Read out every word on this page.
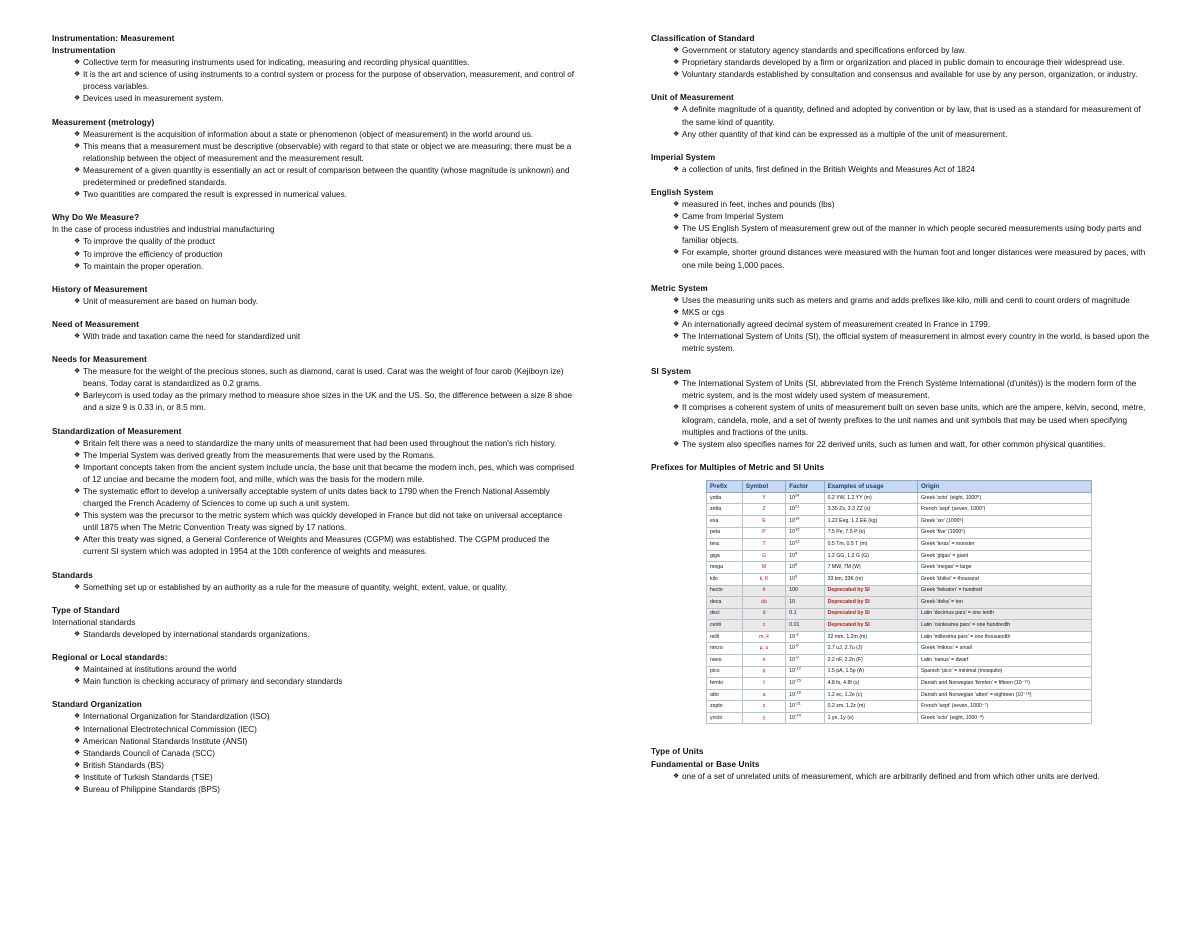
Instrumentation: Measurement
Instrumentation
❖ Collective term for measuring instruments used for indicating, measuring and recording physical quantities.
❖ It is the art and science of using instruments to a control system or process for the purpose of observation, measurement, and control of process variables.
❖ Devices used in measurement system.
Measurement (metrology)
❖ Measurement is the acquisition of information about a state or phenomenon (object of measurement) in the world around us.
❖ This means that a measurement must be descriptive (observable) with regard to that state or object we are measuring; there must be a relationship between the object of measurement and the measurement result.
❖ Measurement of a given quantity is essentially an act or result of comparison between the quantity (whose magnitude is unknown) and predetermined or predefined standards.
❖ Two quantities are compared the result is expressed in numerical values.
Why Do We Measure?
In the case of process industries and industrial manufacturing
❖ To improve the quality of the product
❖ To improve the efficiency of production
❖ To maintain the proper operation.
History of Measurement
❖ Unit of measurement are based on human body.
Need of Measurement
❖ With trade and taxation came the need for standardized unit
Needs for Measurement
❖ The measure for the weight of the precious stones, such as diamond, carat is used. Carat was the weight of four carob (Kejiboyn ize) beans. Today carat is standardized as 0.2 grams.
❖ Barleycorn is used today as the primary method to measure shoe sizes in the UK and the US. So, the difference between a size 8 shoe and a size 9 is 0.33 in, or 8.5 mm.
Standardization of Measurement
❖ Britain felt there was a need to standardize the many units of measurement that had been used throughout the nation's rich history.
❖ The Imperial System was derived greatly from the measurements that were used by the Romans.
❖ Important concepts taken from the ancient system include uncia, the base unit that became the modern inch, pes, which was comprised of 12 unciae and became the modern foot, and mille, which was the basis for the modern mile.
❖ The systematic effort to develop a universally acceptable system of units dates back to 1790 when the French National Assembly charged the French Academy of Sciences to come up such a unit system.
❖ This system was the precursor to the metric system which was quickly developed in France but did not take on universal acceptance until 1875 when The Metric Convention Treaty was signed by 17 nations.
❖ After this treaty was signed, a General Conference of Weights and Measures (CGPM) was established. The CGPM produced the current SI system which was adopted in 1954 at the 10th conference of weights and measures.
Standards
❖ Something set up or established by an authority as a rule for the measure of quantity, weight, extent, value, or quality.
Type of Standard
International standards
❖ Standards developed by international standards organizations.
Regional or Local standards:
❖ Maintained at institutions around the world
❖ Main function is checking accuracy of primary and secondary standards
Standard Organization
❖ International Organization for Standardization (ISO)
❖ International Electrotechnical Commission (IEC)
❖ American National Standards Institute (ANSI)
❖ Standards Council of Canada (SCC)
❖ British Standards (BS)
❖ Institute of Turkish Standards (TSE)
❖ Bureau of Philippine Standards (BPS)
Classification of Standard
❖ Government or statutory agency standards and specifications enforced by law.
❖ Proprietary standards developed by a firm or organization and placed in public domain to encourage their widespread use.
❖ Voluntary standards established by consultation and consensus and available for use by any person, organization, or industry.
Unit of Measurement
❖ A definite magnitude of a quantity, defined and adopted by convention or by law, that is used as a standard for measurement of the same kind of quantity.
❖ Any other quantity of that kind can be expressed as a multiple of the unit of measurement.
Imperial System
❖ a collection of units, first defined in the British Weights and Measures Act of 1824
English System
❖ measured in feet, inches and pounds (lbs)
❖ Came from Imperial System
❖ The US English System of measurement grew out of the manner in which people secured measurements using body parts and familiar objects.
❖ For example, shorter ground distances were measured with the human foot and longer distances were measured by paces, with one mile being 1,000 paces.
Metric System
❖ Uses the measuring units such as meters and grams and adds prefixes like kilo, milli and centi to count orders of magnitude
❖ MKS or cgs
❖ An internationally agreed decimal system of measurement created in France in 1799.
❖ The International System of Units (SI), the official system of measurement in almost every country in the world, is based upon the metric system.
SI System
❖ The International System of Units (SI, abbreviated from the French Système International (d'unités)) is the modern form of the metric system, and is the most widely used system of measurement.
❖ It comprises a coherent system of units of measurement built on seven base units, which are the ampere, kelvin, second, metre, kilogram, candela, mole, and a set of twenty prefixes to the unit names and unit symbols that may be used when specifying multiples and fractions of the units.
❖ The system also specifies names for 22 derived units, such as lumen and watt, for other common physical quantities.
Prefixes for Multiples of Metric and SI Units
Prefix	Symbol	Factor	Examples of usage	Origin
yotta	Y	$10^{24}$	0.2 YW, 1.2 YY (m)	Greek 'octo' (eight, 1000⁸)
zetta	Z	$10^{21}$	3.35 Zs, 3.3 ZZ (s)	French 'sept' (seven, 1000⁷)
exa	E	$10^{18}$	1.22 Eeg, 1.2 EE (kg)	Greek 'six' (1000⁶)
peta	P	$10^{15}$	7.5 Pe, 7.5 P (e)	Greek 'five' (1000⁵)
tera	T	$10^{12}$	0.5 Tm, 0.5 T (m)	Greek 'teras' = monster
giga	G	$10^9$	1.2 GG, 1.2 G (G)	Greek 'gigas' = giant
mega	M	$10^6$	7 MW, 7M (W)	Greek 'megas' = large
kilo	k, K	$10^3$	33 km, 33K (m)	Greek 'khilioi' = thousand
hecto	h	100	Deprecated by SI	Greek 'hekaton' = hundred
deca	da	10	Deprecated by SI	Greek 'deka' = ten
deci	d	0.1	Deprecated by SI	Latin 'decimus pars' = one tenth
centi	c	0.01	Deprecated by SI	Latin 'centesima pars' = one hundredth
milli	m, k	$10^{-3}$	22 mm, 1.2m (m)	Latin 'millesima pars' = one thousandth
micro	µ, u	$10^{-6}$	2.7 uJ, 2.7u (J)	Greek 'mikros' = small
nano	n	$10^{-9}$	2.2 nF, 2.2n (F)	Latin 'nanus' = dwarf
pico	p	$10^{-12}$	1.5 pA, 1.5p (A)	Spanish 'pico' = minimal (mosquito)
femto	f	$10^{-15}$	4.8 fs, 4.8f (s)	Danish and Norwegian 'femten' = fifteen (10⁻¹⁵)
atto	a	$10^{-18}$	1.2 ec, 1.2e (c)	Danish and Norwegian 'atten' = eighteen (10⁻¹⁸)
zepto	z	$10^{-21}$	0.2 zm, 1.2z (m)	French 'sept' (seven, 1000⁻⁷)
yocto	y	$10^{-24}$	1 ye, 1y (e)	Greek 'octo' (eight, 1000⁻⁸)
Type of Units
Fundamental or Base Units
❖ one of a set of unrelated units of measurement, which are arbitrarily defined and from which other units are derived.
